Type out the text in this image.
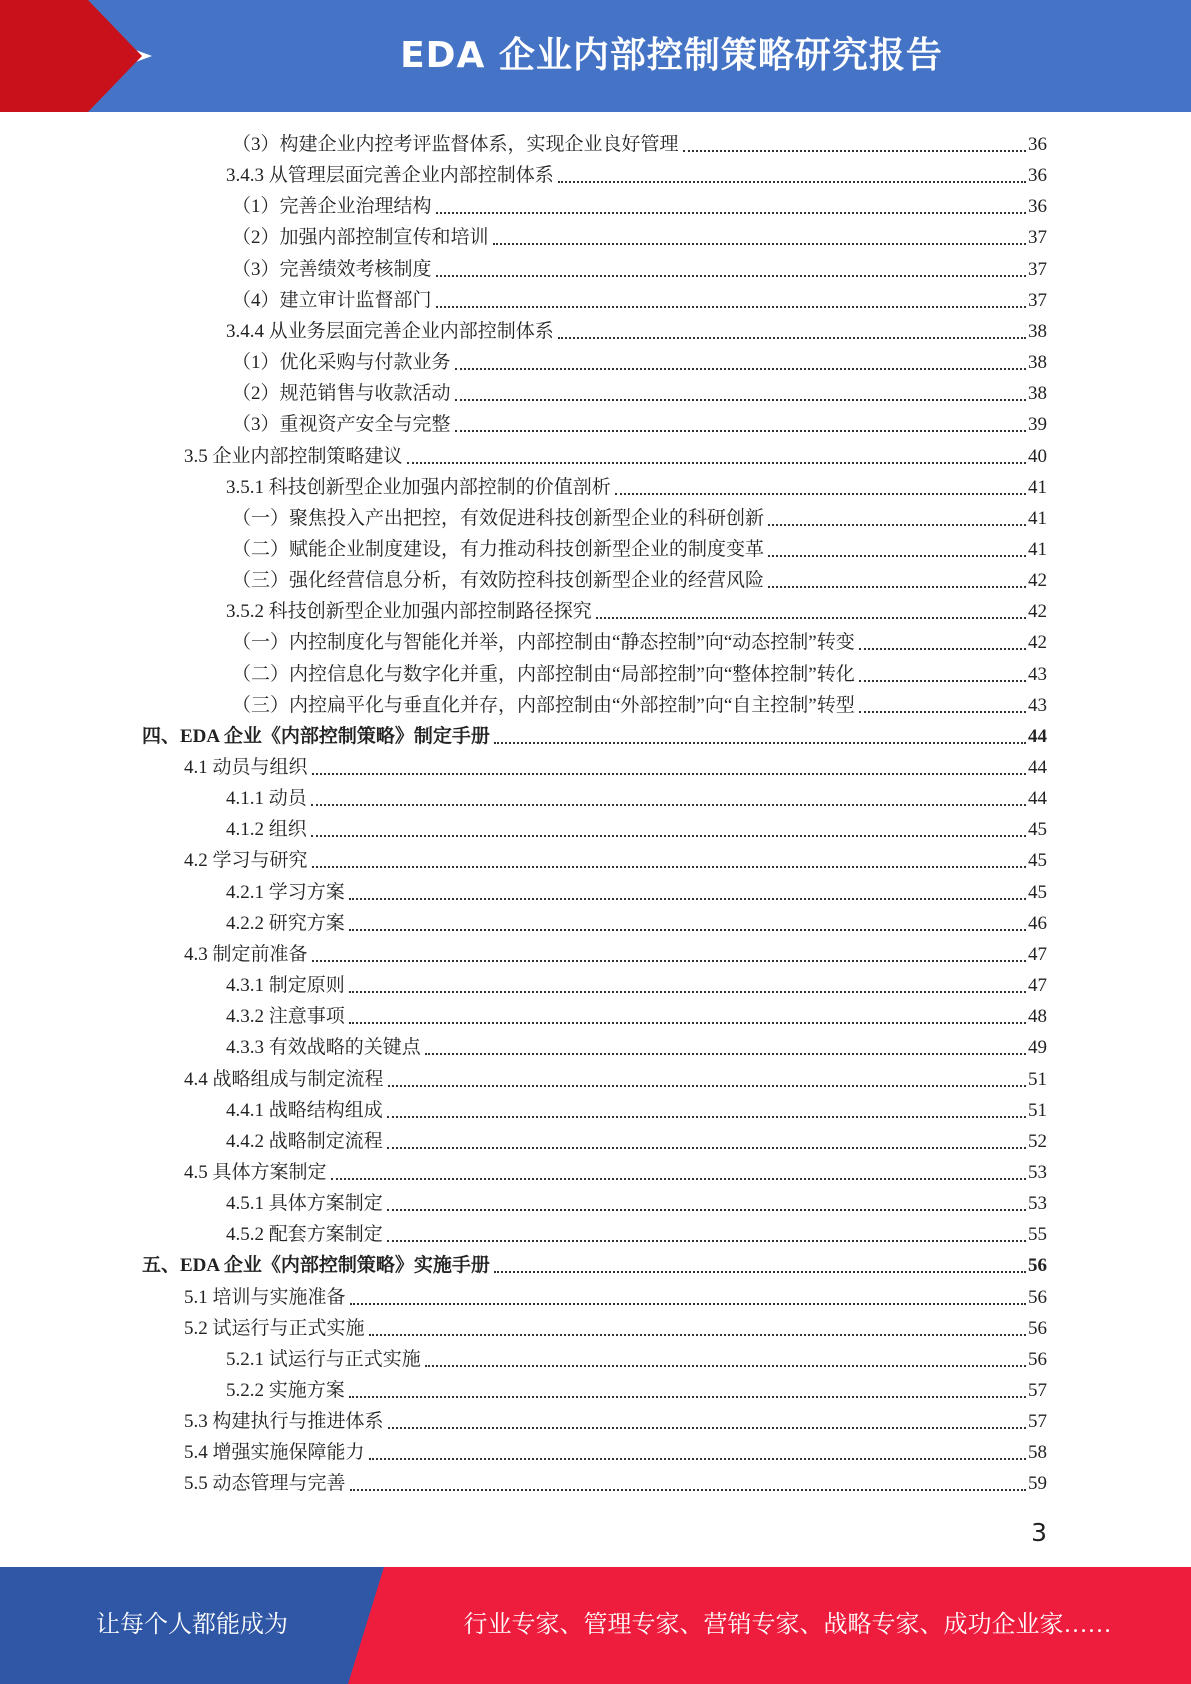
EDA 企业内部控制策略研究报告
（3）构建企业内控考评监督体系，实现企业良好管理	36
3.4.3 从管理层面完善企业内部控制体系	36
（1）完善企业治理结构	36
（2）加强内部控制宣传和培训	37
（3）完善绩效考核制度	37
（4）建立审计监督部门	37
3.4.4 从业务层面完善企业内部控制体系	38
（1）优化采购与付款业务	38
（2）规范销售与收款活动	38
（3）重视资产安全与完整	39
3.5 企业内部控制策略建议	40
3.5.1 科技创新型企业加强内部控制的价值剖析	41
（一）聚焦投入产出把控，有效促进科技创新型企业的科研创新	41
（二）赋能企业制度建设，有力推动科技创新型企业的制度变革	41
（三）强化经营信息分析，有效防控科技创新型企业的经营风险	42
3.5.2 科技创新型企业加强内部控制路径探究	42
（一）内控制度化与智能化并举，内部控制由“静态控制”向“动态控制”转变	42
（二）内控信息化与数字化并重，内部控制由“局部控制”向“整体控制”转化	43
（三）内控扁平化与垂直化并存，内部控制由“外部控制”向“自主控制”转型	43
四、EDA 企业《内部控制策略》制定手册	44
4.1 动员与组织	44
4.1.1 动员	44
4.1.2 组织	45
4.2 学习与研究	45
4.2.1 学习方案	45
4.2.2 研究方案	46
4.3 制定前准备	47
4.3.1 制定原则	47
4.3.2 注意事项	48
4.3.3 有效战略的关键点	49
4.4 战略组成与制定流程	51
4.4.1 战略结构组成	51
4.4.2 战略制定流程	52
4.5 具体方案制定	53
4.5.1 具体方案制定	53
4.5.2 配套方案制定	55
五、EDA 企业《内部控制策略》实施手册	56
5.1 培训与实施准备	56
5.2 试运行与正式实施	56
5.2.1 试运行与正式实施	56
5.2.2 实施方案	57
5.3 构建执行与推进体系	57
5.4 增强实施保障能力	58
5.5 动态管理与完善	59
3
让每个人都能成为	行业专家、管理专家、营销专家、战略专家、成功企业家……
